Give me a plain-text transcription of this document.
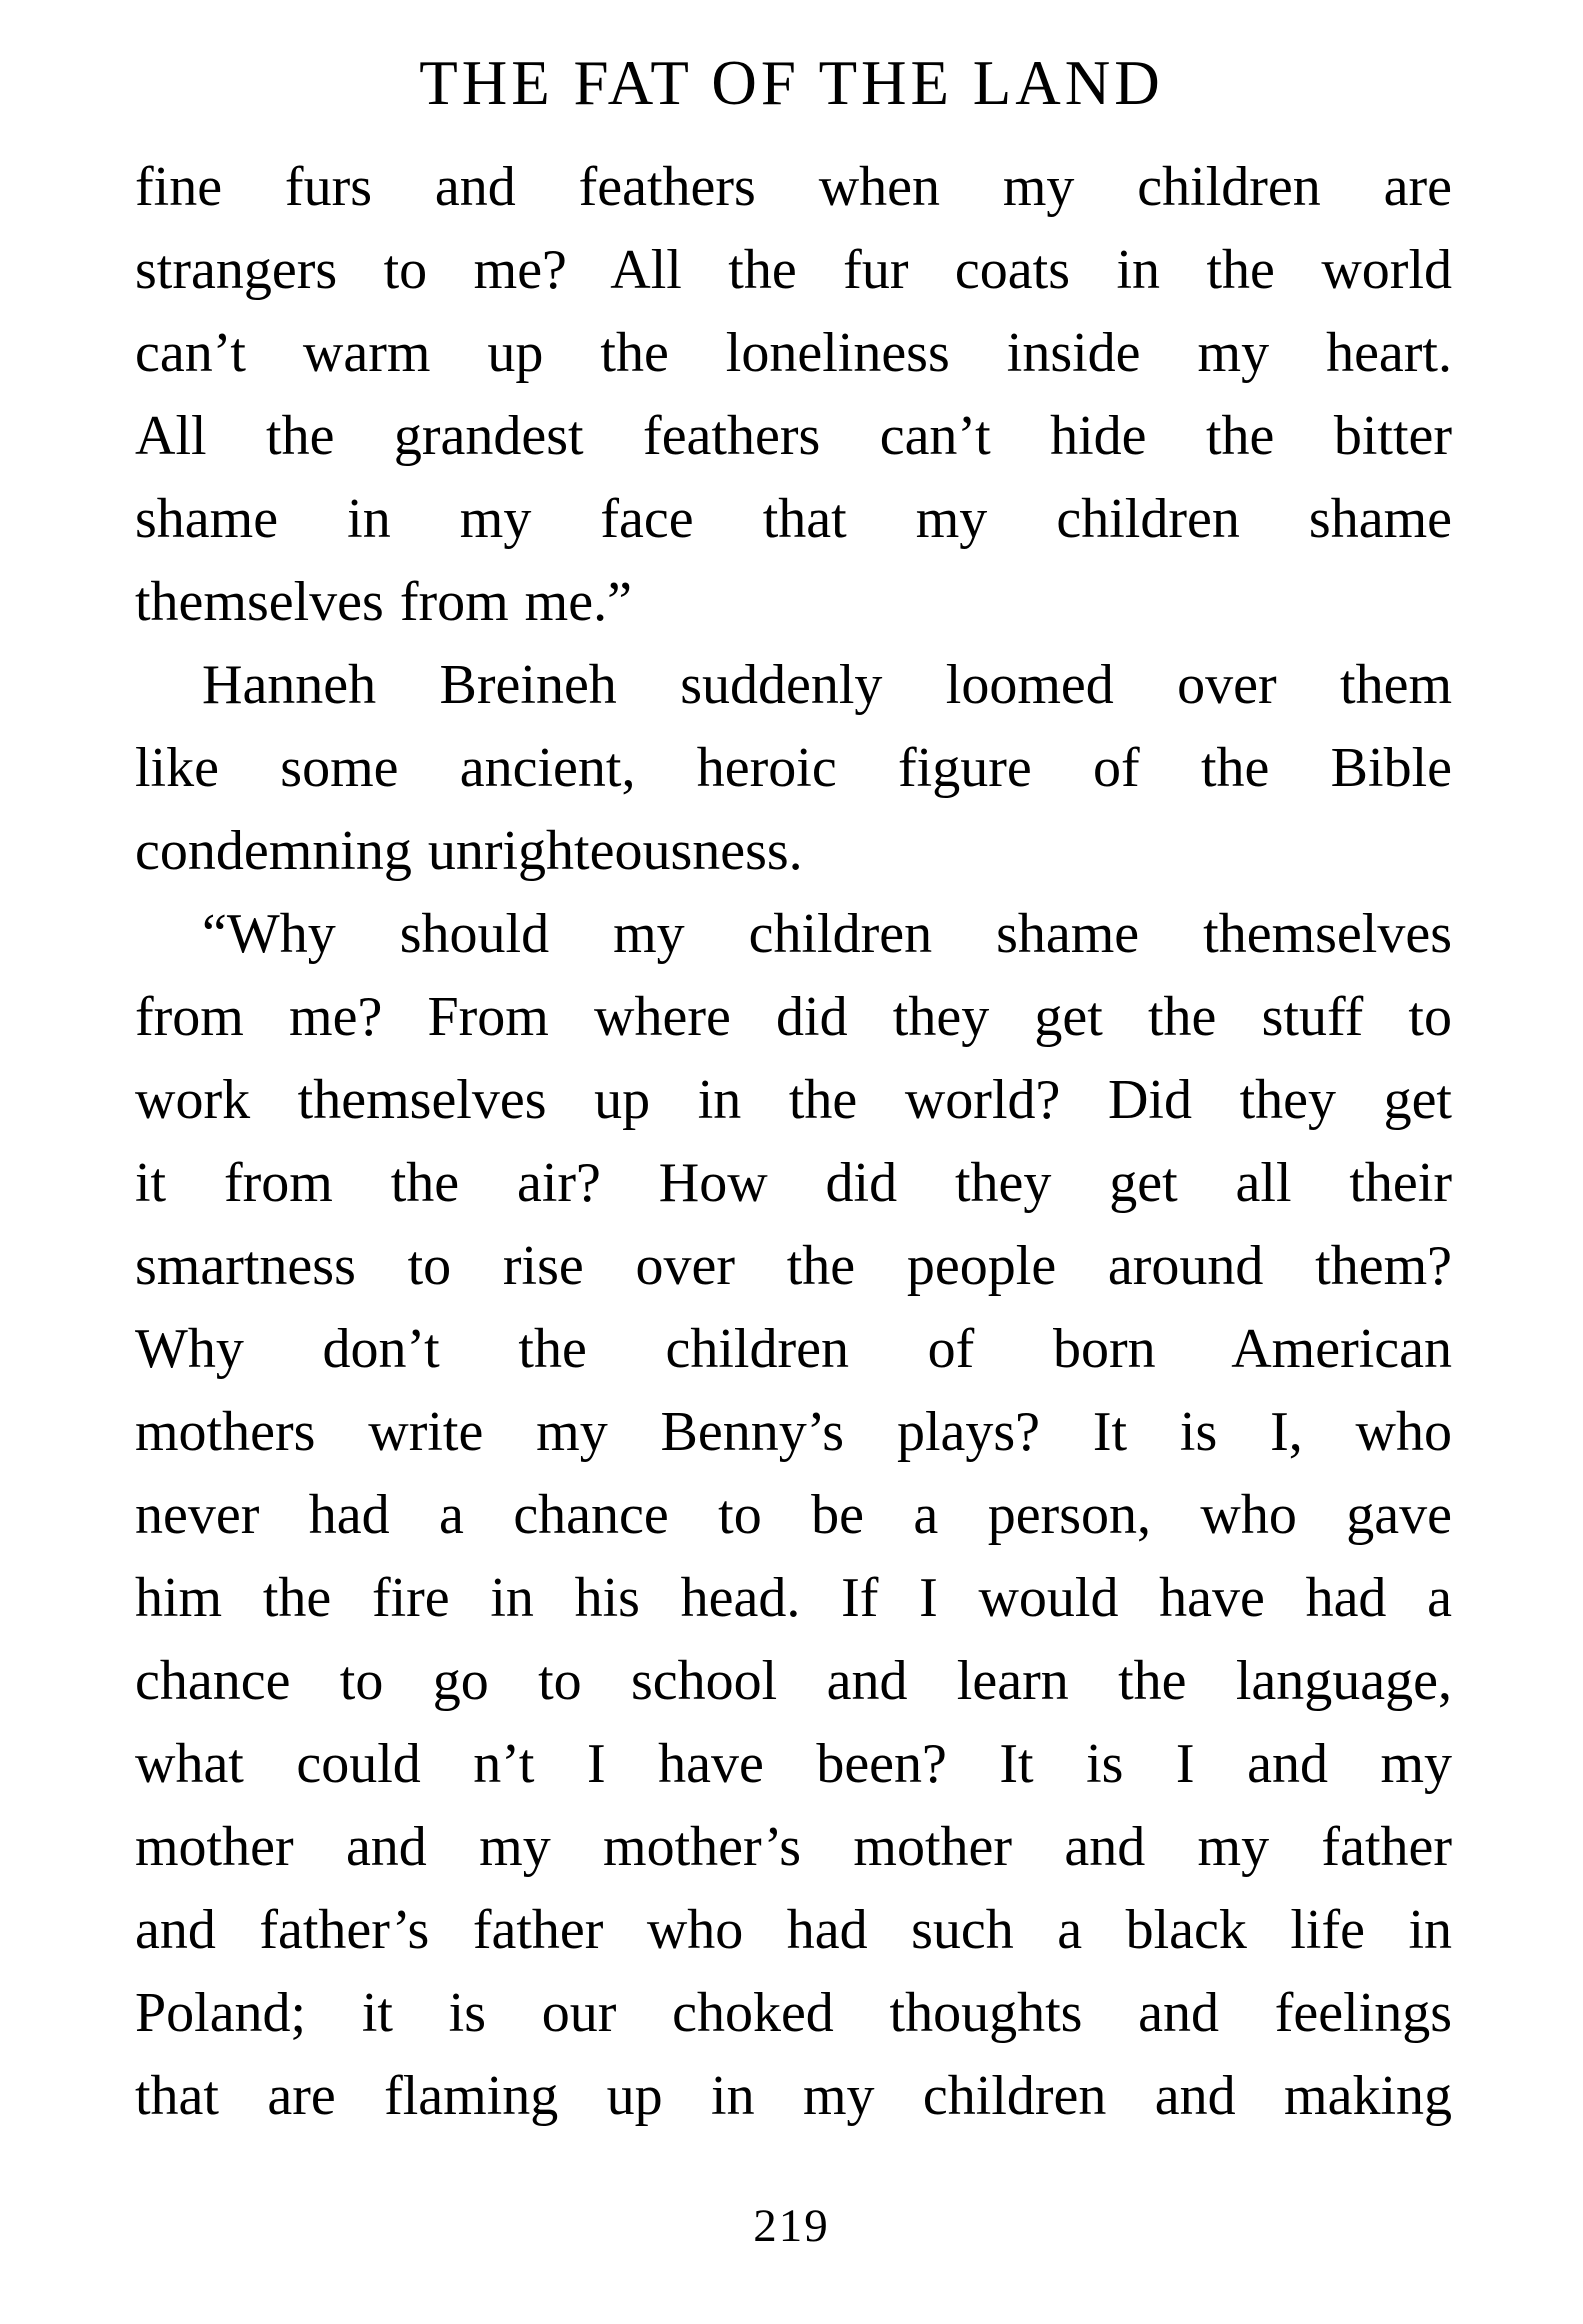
THE FAT OF THE LAND
fine furs and feathers when my children are
strangers to me? All the fur coats in the world
can’t warm up the loneliness inside my heart.
All the grandest feathers can’t hide the bitter
shame in my face that my children shame
themselves from me.”
Hanneh Breineh suddenly loomed over them
like some ancient, heroic figure of the Bible
condemning unrighteousness.
“Why should my children shame themselves
from me? From where did they get the stuff to
work themselves up in the world? Did they get
it from the air? How did they get all their
smartness to rise over the people around them?
Why don’t the children of born American
mothers write my Benny’s plays? It is I, who
never had a chance to be a person, who gave
him the fire in his head. If I would have had a
chance to go to school and learn the language,
what could n’t I have been? It is I and my
mother and my mother’s mother and my father
and father’s father who had such a black life in
Poland; it is our choked thoughts and feelings
that are flaming up in my children and making
219
